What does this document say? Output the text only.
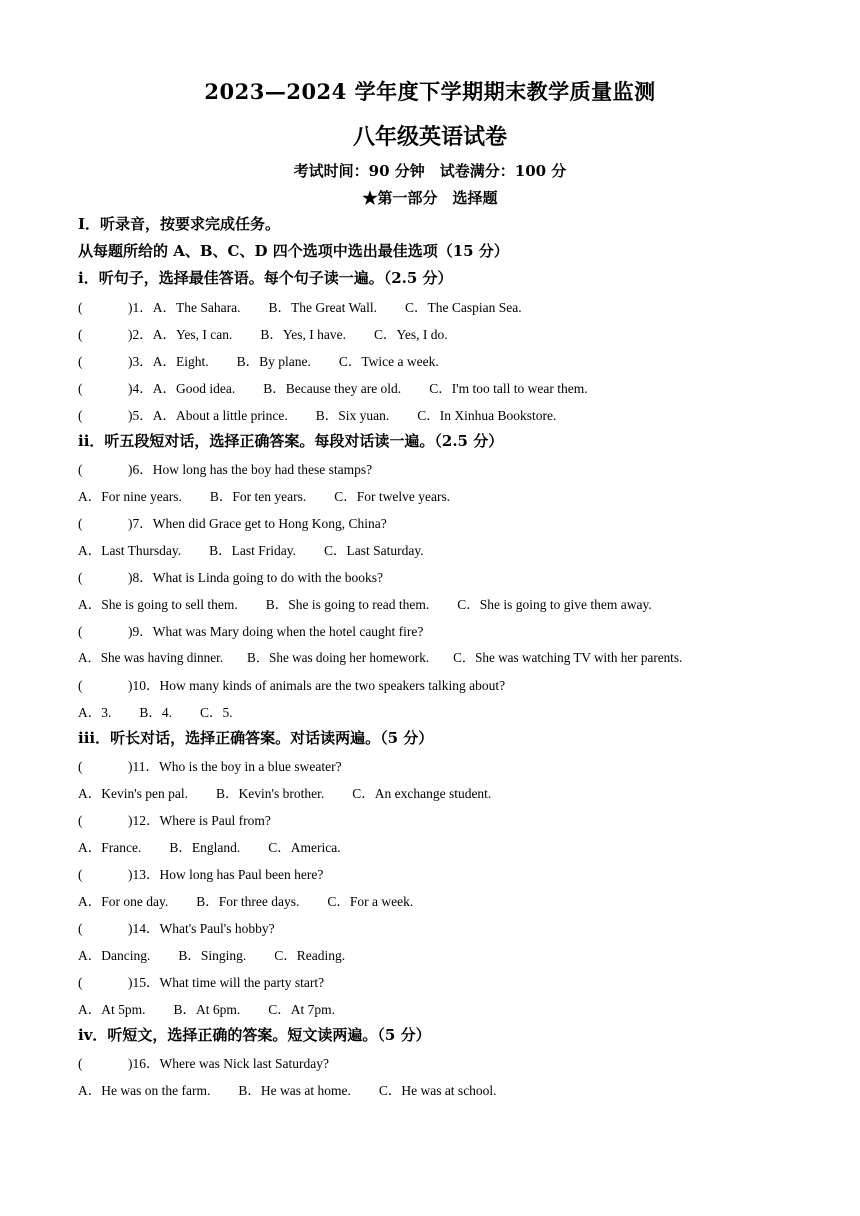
2023—2024 学年度下学期期末教学质量监测
八年级英语试卷
考试时间：90 分钟　试卷满分：100 分
★第一部分　选择题
I．听录音，按要求完成任务。
从每题所给的 A、B、C、D 四个选项中选出最佳选项（15 分）
i．听句子，选择最佳答语。每个句子读一遍。（2.5 分）
(	)1．A．The Sahara. B．The Great Wall. C．The Caspian Sea.
(	)2．A．Yes, I can. B．Yes, I have. C．Yes, I do.
(	)3．A．Eight. B．By plane. C．Twice a week.
(	)4．A．Good idea. B．Because they are old. C．I'm too tall to wear them.
(	)5．A．About a little prince. B．Six yuan. C．In Xinhua Bookstore.
ii．听五段短对话，选择正确答案。每段对话读一遍。（2.5 分）
(	)6．How long has the boy had these stamps?
A．For nine years. B．For ten years. C．For twelve years.
(	)7．When did Grace get to Hong Kong, China?
A．Last Thursday. B．Last Friday. C．Last Saturday.
(	)8．What is Linda going to do with the books?
A．She is going to sell them. B．She is going to read them. C．She is going to give them away.
(	)9．What was Mary doing when the hotel caught fire?
A．She was having dinner. B．She was doing her homework. C．She was watching TV with her parents.
(	)10．How many kinds of animals are the two speakers talking about?
A．3. B．4. C．5.
iii．听长对话，选择正确答案。对话读两遍。（5 分）
(	)11．Who is the boy in a blue sweater?
A．Kevin's pen pal. B．Kevin's brother. C．An exchange student.
(	)12．Where is Paul from?
A．France. B．England. C．America.
(	)13．How long has Paul been here?
A．For one day. B．For three days. C．For a week.
(	)14．What's Paul's hobby?
A．Dancing. B．Singing. C．Reading.
(	)15．What time will the party start?
A．At 5pm. B．At 6pm. C．At 7pm.
iv．听短文，选择正确的答案。短文读两遍。（5 分）
(	)16．Where was Nick last Saturday?
A．He was on the farm. B．He was at home. C．He was at school.
